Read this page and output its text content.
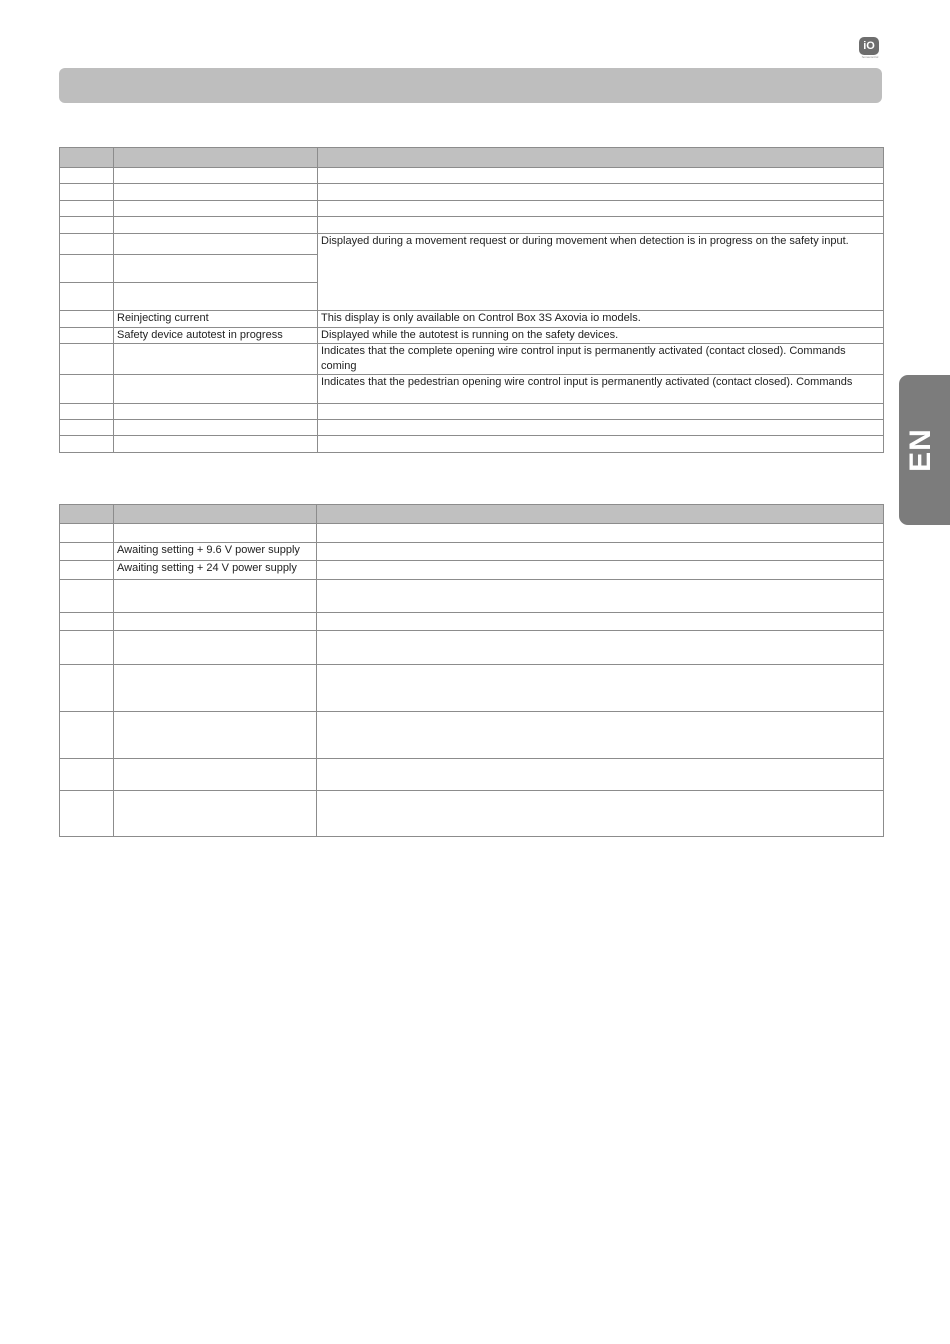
iO
homecontrol
EN

		Displayed during a movement request or during movement when detection is in progress on the safety input.

	Reinjecting current	This display is only available on Control Box 3S Axovia io models.
	Safety device autotest in progress	Displayed while the autotest is running on the safety devices.
		Indicates that the complete opening wire control input is permanently activated (contact closed). Commands coming
		Indicates that the pedestrian opening wire control input is permanently activated (contact closed). Commands

	Awaiting setting + 9.6 V power supply	
	Awaiting setting + 24 V power supply	
